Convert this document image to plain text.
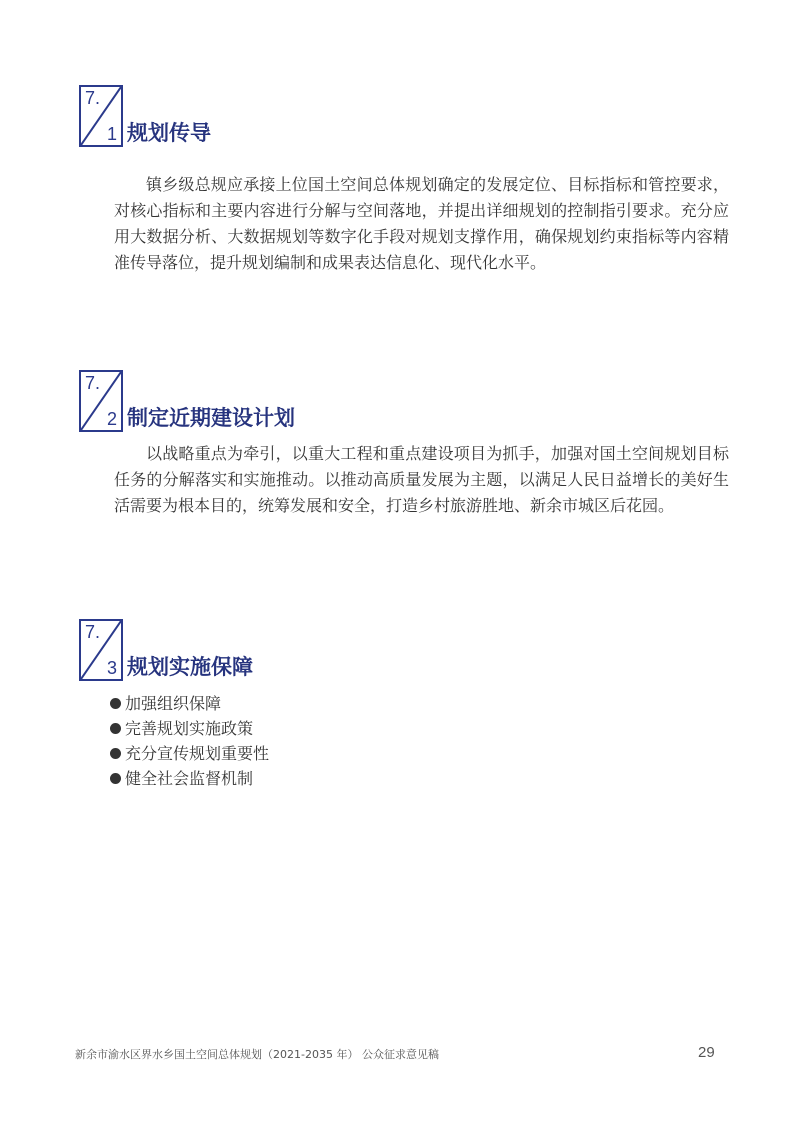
7.
1 规划传导

镇乡级总规应承接上位国土空间总体规划确定的发展定位、目标指标和管控要求，对核心指标和主要内容进行分解与空间落地，并提出详细规划的控制指引要求。充分应用大数据分析、大数据规划等数字化手段对规划支撑作用，确保规划约束指标等内容精准传导落位，提升规划编制和成果表达信息化、现代化水平。

7.
2 制定近期建设计划

以战略重点为牵引，以重大工程和重点建设项目为抓手，加强对国土空间规划目标任务的分解落实和实施推动。以推动高质量发展为主题，以满足人民日益增长的美好生活需要为根本目的，统筹发展和安全，打造乡村旅游胜地、新余市城区后花园。

7.
3 规划实施保障
加强组织保障
完善规划实施政策
充分宣传规划重要性
健全社会监督机制
新余市渝水区界水乡国土空间总体规划（2021-2035 年） 公众征求意见稿	29
